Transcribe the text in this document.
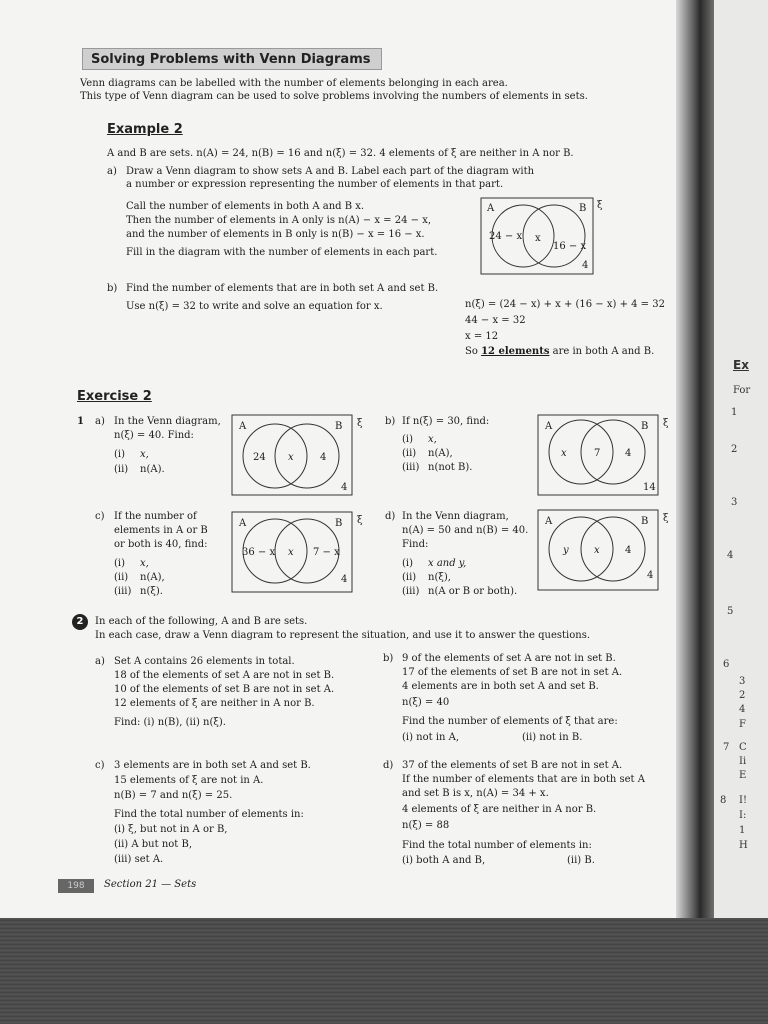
Solving Problems with Venn Diagrams
Venn diagrams can be labelled with the number of elements belonging in each area.
This type of Venn diagram can be used to solve problems involving the numbers of elements in sets.
Example 2
A and B are sets. n(A) = 24, n(B) = 16 and n(ξ) = 32. 4 elements of ξ are neither in A nor B.
a) Draw a Venn diagram to show sets A and B. Label each part of the diagram with
a number or expression representing the number of elements in that part.
Call the number of elements in both A and B x.
Then the number of elements in A only is n(A) − x = 24 − x,
and the number of elements in B only is n(B) − x = 16 − x.
Fill in the diagram with the number of elements in each part.
A	B ξ
24 − x x
16 − x
4
b) Find the number of elements that are in both set A and set B.
Use n(ξ) = 32 to write and solve an equation for x.	n(ξ) = (24 − x) + x + (16 − x) + 4 = 32
44 − x = 32
x = 12
So 12 elements are in both A and B.
Exercise 2
1 a) In the Venn diagram,
n(ξ) = 40. Find:
(i) x,
(ii) n(A).
A	B ξ
24 x	4
4
b) If n(ξ) = 30, find:
(i) x,
(ii) n(A),
(iii) n(not B).
A	B ξ
x	7 4
14
c) If the number of
elements in A or B
or both is 40, find:
(i) x,
(ii) n(A),
(iii) n(ξ).
A	B ξ
36 − x x 7 − x
4
d) In the Venn diagram,
n(A) = 50 and n(B) = 40.
Find:
(i) x and y,
(ii) n(ξ),
(iii) n(A or B or both).
A	B ξ
y	x	4
4
2	In each of the following, A and B are sets.
In each case, draw a Venn diagram to represent the situation, and use it to answer the questions.
a) Set A contains 26 elements in total.
18 of the elements of set A are not in set B.
10 of the elements of set B are not in set A.
12 elements of ξ are neither in A nor B.
Find: (i) n(B), (ii) n(ξ).
b) 9 of the elements of set A are not in set B.
17 of the elements of set B are not in set A.
4 elements are in both set A and set B.
n(ξ) = 40
Find the number of elements of ξ that are:
(i) not in A,	(ii) not in B.
c) 3 elements are in both set A and set B.
15 elements of ξ are not in A.
n(B) = 7 and n(ξ) = 25.
Find the total number of elements in:
(i) ξ, but not in A or B,
(ii) A but not B,
(iii) set A.
d) 37 of the elements of set B are not in set A.
If the number of elements that are in both set A
and set B is x, n(A) = 34 + x.
4 elements of ξ are neither in A nor B.
n(ξ) = 88
Find the total number of elements in:
(i) both A and B,	(ii) B.
198	Section 21 — Sets
Ex
For
1
2
3
4
5
6
7
8
3
2
4
F
C
Ii
E
I!
I:
1
H
